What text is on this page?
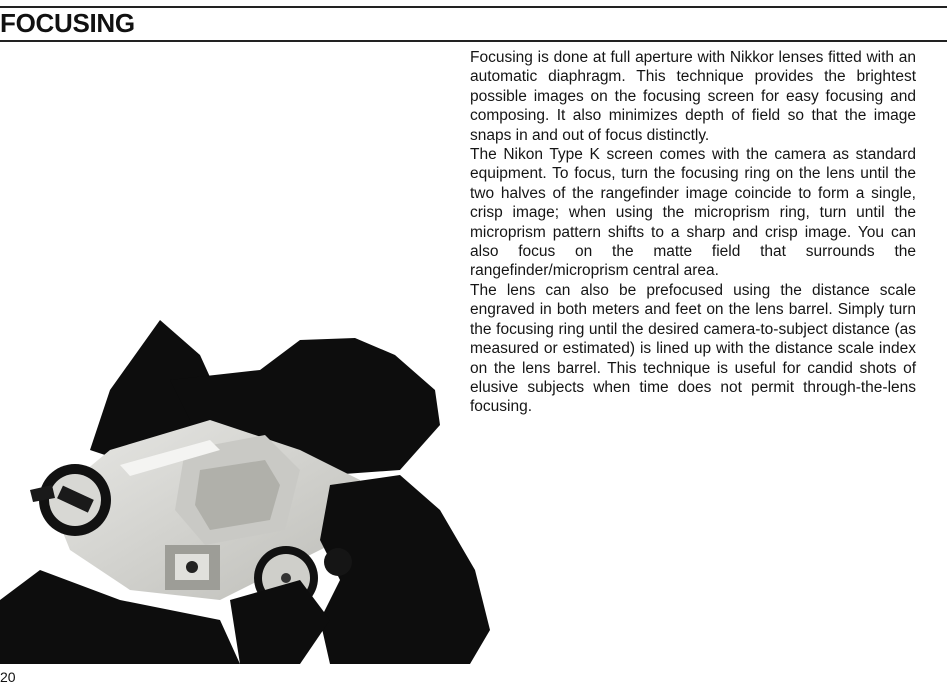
FOCUSING

Focusing is done at full aperture with Nikkor lenses fitted with an automatic diaphragm. This technique provides the brightest possible images on the focusing screen for easy focusing and composing. It also minimizes depth of field so that the image snaps in and out of focus distinctly.

The Nikon Type K screen comes with the camera as standard equipment. To focus, turn the focusing ring on the lens until the two halves of the rangefinder image coincide to form a single, crisp image; when using the microprism ring, turn until the microprism pattern shifts to a sharp and crisp image. You can also focus on the matte field that surrounds the rangefinder/microprism central area.

The lens can also be prefocused using the distance scale engraved in both meters and feet on the lens barrel. Simply turn the focusing ring until the desired camera-to-subject distance (as measured or estimated) is lined up with the distance scale index on the lens barrel. This technique is useful for candid shots of elusive subjects when time does not permit through-the-lens focusing.

20
